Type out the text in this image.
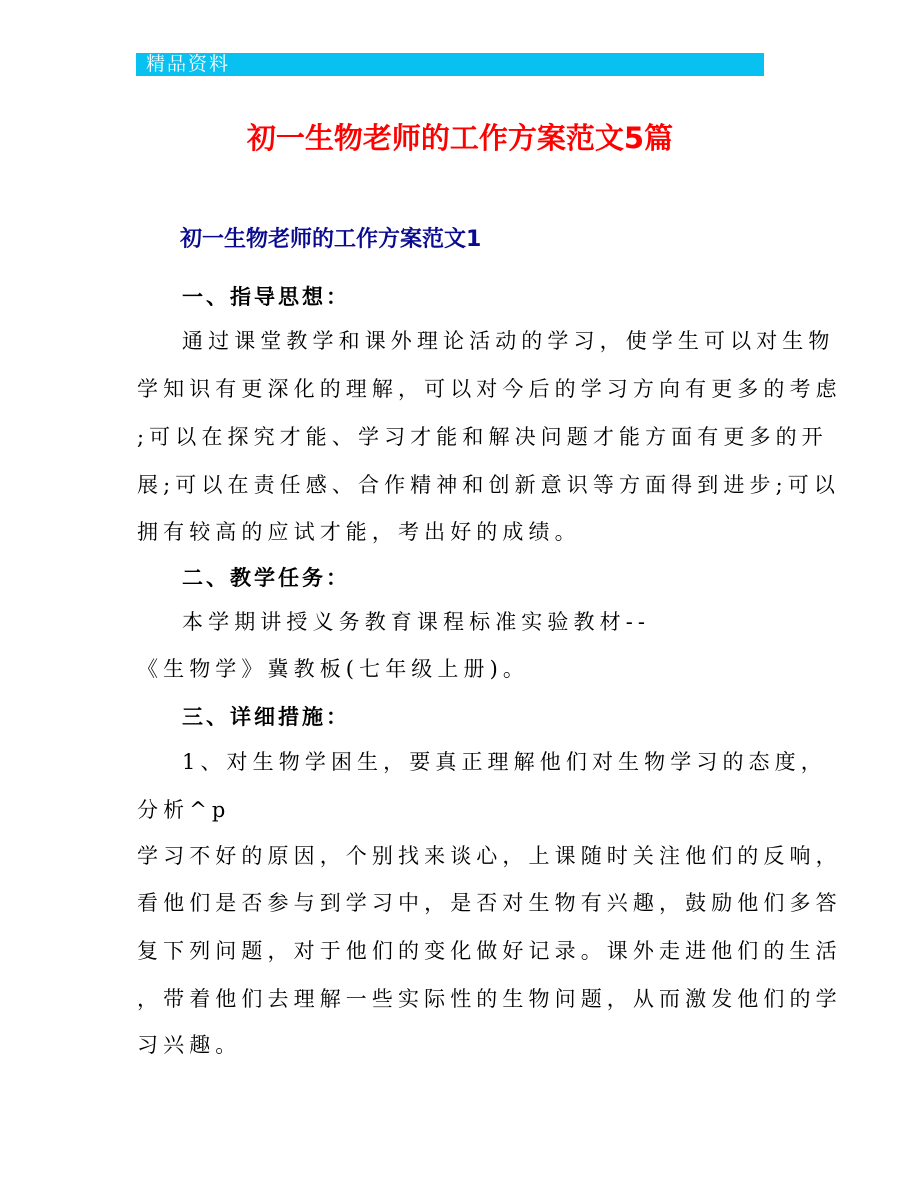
精品资料
初一生物老师的工作方案范文5篇
初一生物老师的工作方案范文1
一、指导思想：
通过课堂教学和课外理论活动的学习，使学生可以对生物
学知识有更深化的理解，可以对今后的学习方向有更多的考虑
;可以在探究才能、学习才能和解决问题才能方面有更多的开
展;可以在责任感、合作精神和创新意识等方面得到进步;可以
拥有较高的应试才能，考出好的成绩。
二、教学任务：
本学期讲授义务教育课程标准实验教材--
《生物学》冀教板(七年级上册)。
三、详细措施：
1、对生物学困生，要真正理解他们对生物学习的态度，
分析^p
学习不好的原因，个别找来谈心，上课随时关注他们的反响，
看他们是否参与到学习中，是否对生物有兴趣，鼓励他们多答
复下列问题，对于他们的变化做好记录。课外走进他们的生活
，带着他们去理解一些实际性的生物问题，从而激发他们的学
习兴趣。
